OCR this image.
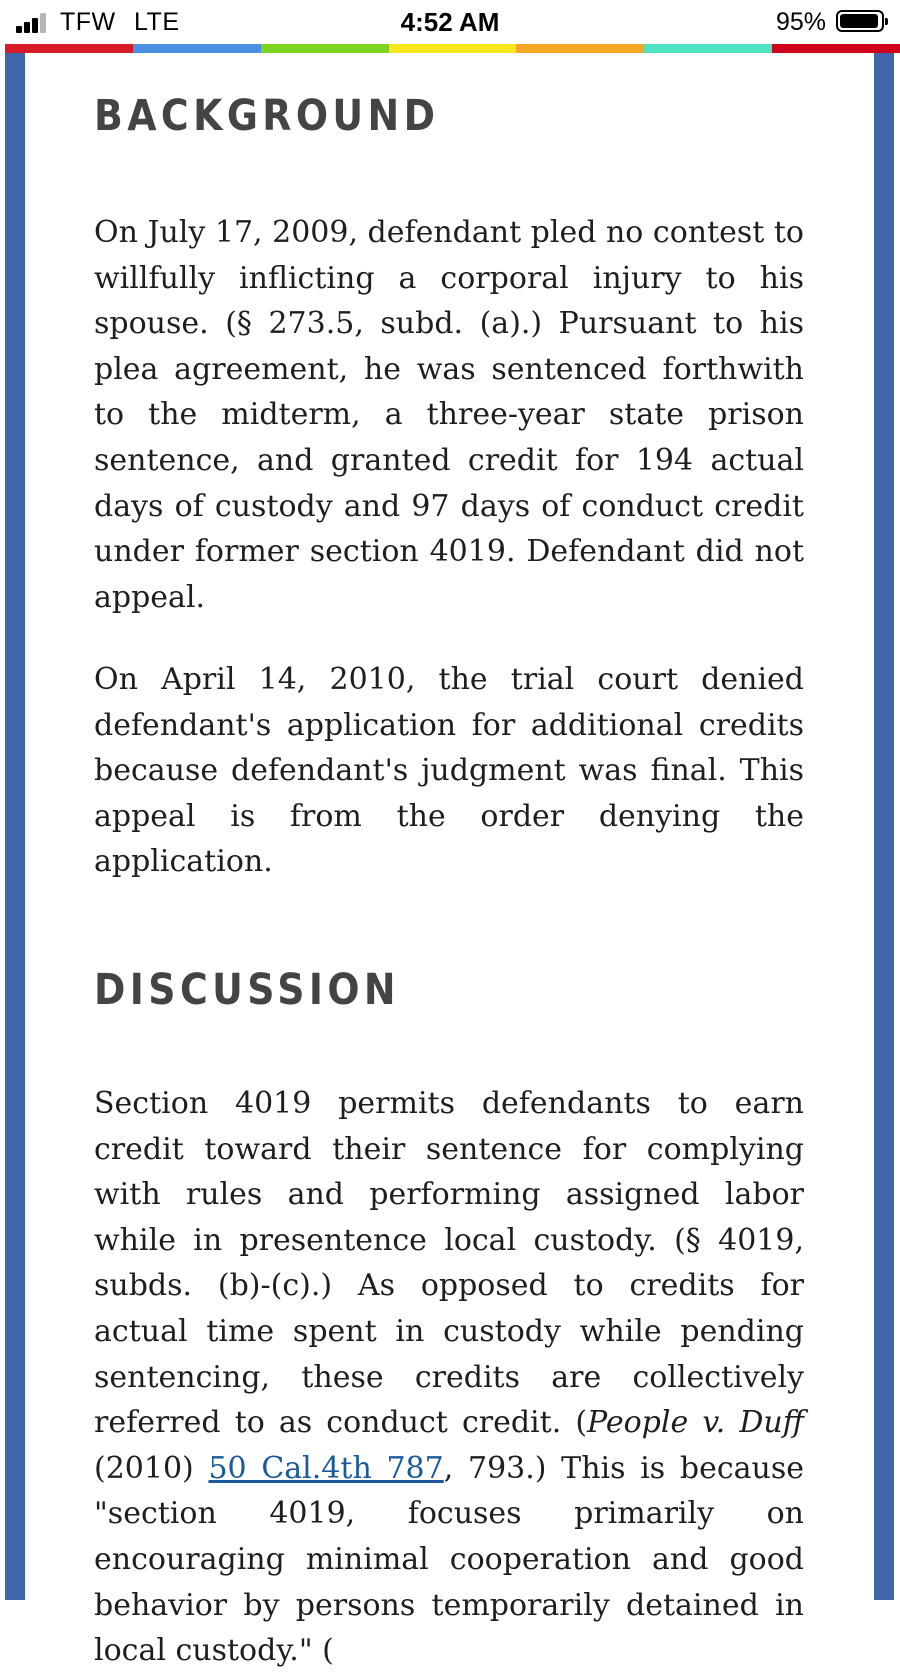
TFW LTE	4:52 AM	95%
BACKGROUND

On July 17, 2009, defendant pled no contest to willfully inflicting a corporal injury to his spouse. (§ 273.5, subd. (a).) Pursuant to his plea agreement, he was sentenced forthwith to the midterm, a three-year state prison sentence, and granted credit for 194 actual days of custody and 97 days of conduct credit under former section 4019. Defendant did not appeal.

On April 14, 2010, the trial court denied defendant's application for additional credits because defendant's judgment was final. This appeal is from the order denying the application.

DISCUSSION

Section 4019 permits defendants to earn credit toward their sentence for complying with rules and performing assigned labor while in presentence local custody. (§ 4019, subds. (b)-(c).) As opposed to credits for actual time spent in custody while pending sentencing, these credits are collectively referred to as conduct credit. (People v. Duff (2010) 50 Cal.4th 787, 793.) This is because "section 4019, focuses primarily on encouraging minimal cooperation and good behavior by persons temporarily detained in local custody." (
